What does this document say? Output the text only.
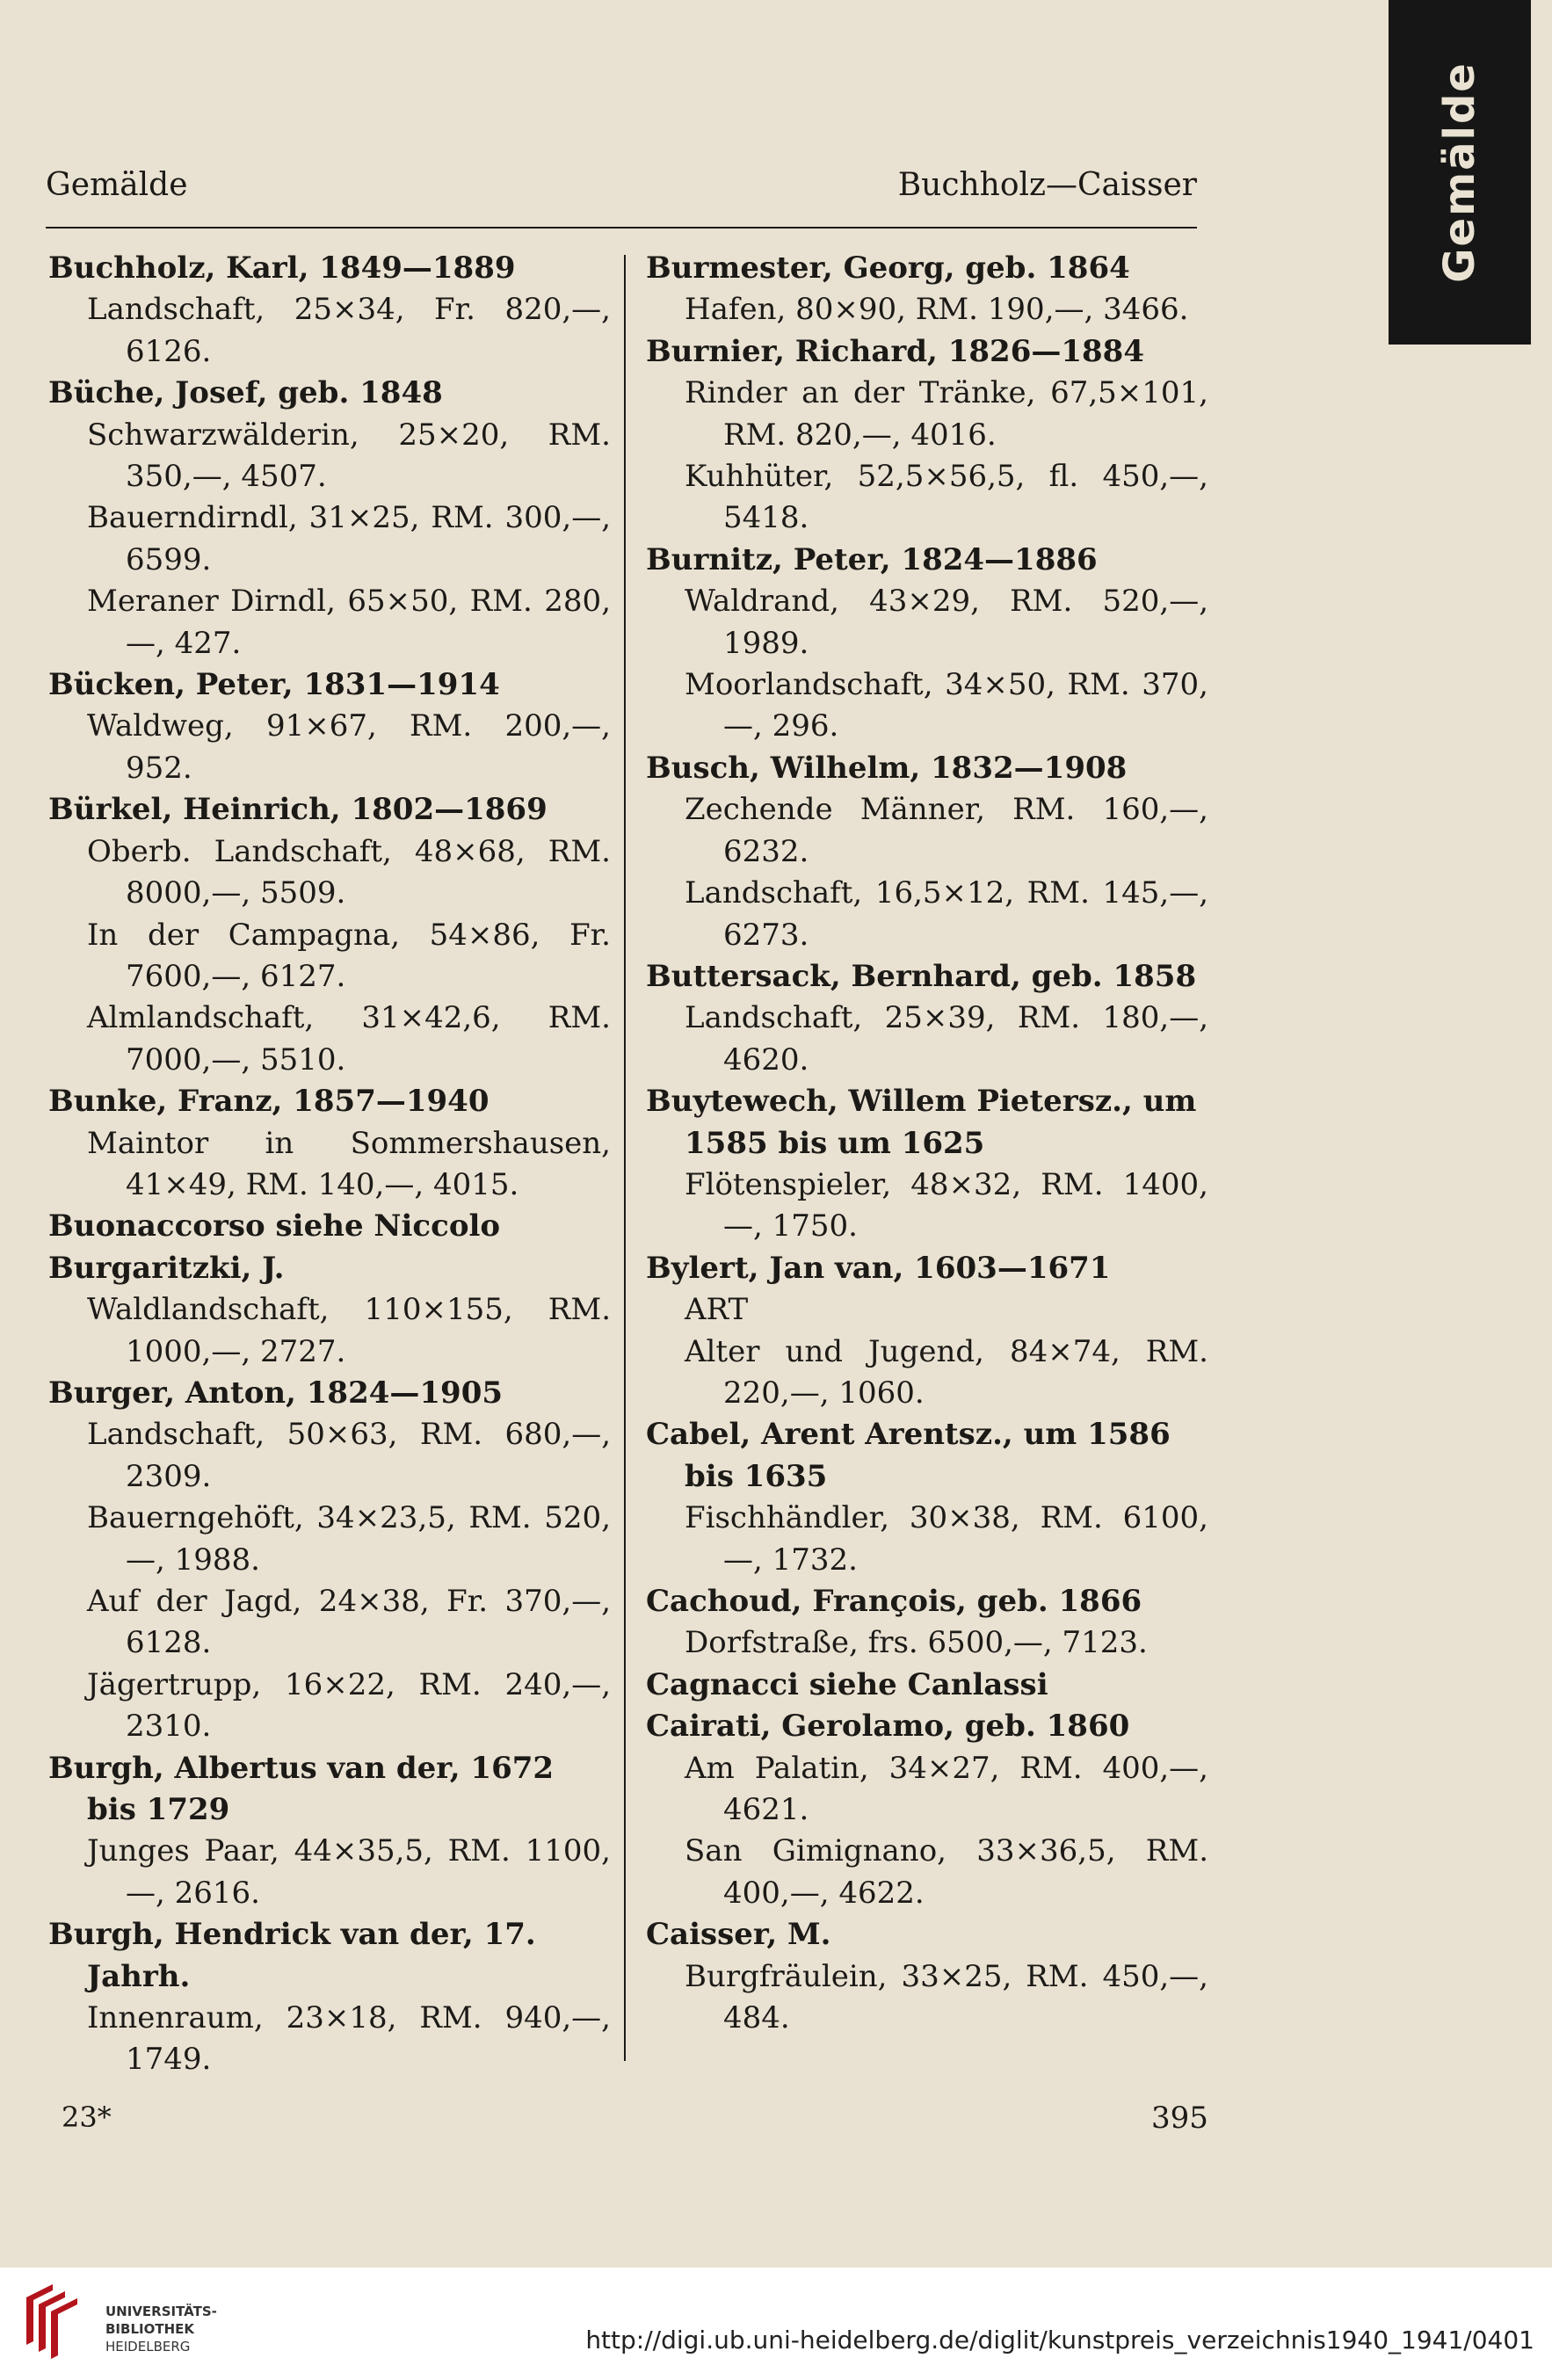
Gemälde
Gemälde	Buchholz—Caisser
Buchholz, Karl, 1849—1889
Landschaft, 25×34, Fr. 820,—, 6126.
Büche, Josef, geb. 1848
Schwarzwälderin, 25×20, RM. 350,—, 4507.
Bauerndirndl, 31×25, RM. 300,—, 6599.
Meraner Dirndl, 65×50, RM. 280,—, 427.
Bücken, Peter, 1831—1914
Waldweg, 91×67, RM. 200,—, 952.
Bürkel, Heinrich, 1802—1869
Oberb. Landschaft, 48×68, RM. 8000,—, 5509.
In der Campagna, 54×86, Fr. 7600,—, 6127.
Almlandschaft, 31×42,6, RM. 7000,—, 5510.
Bunke, Franz, 1857—1940
Maintor in Sommershausen, 41×49, RM. 140,—, 4015.
Buonaccorso siehe Niccolo
Burgaritzki, J.
Waldlandschaft, 110×155, RM. 1000,—, 2727.
Burger, Anton, 1824—1905
Landschaft, 50×63, RM. 680,—, 2309.
Bauerngehöft, 34×23,5, RM. 520,—, 1988.
Auf der Jagd, 24×38, Fr. 370,—, 6128.
Jägertrupp, 16×22, RM. 240,—, 2310.
Burgh, Albertus van der, 1672 bis 1729
Junges Paar, 44×35,5, RM. 1100,—, 2616.
Burgh, Hendrick van der, 17. Jahrh.
Innenraum, 23×18, RM. 940,—, 1749.
Burmester, Georg, geb. 1864
Hafen, 80×90, RM. 190,—, 3466.
Burnier, Richard, 1826—1884
Rinder an der Tränke, 67,5×101, RM. 820,—, 4016.
Kuhhüter, 52,5×56,5, fl. 450,—, 5418.
Burnitz, Peter, 1824—1886
Waldrand, 43×29, RM. 520,—, 1989.
Moorlandschaft, 34×50, RM. 370,—, 296.
Busch, Wilhelm, 1832—1908
Zechende Männer, RM. 160,—, 6232.
Landschaft, 16,5×12, RM. 145,—, 6273.
Buttersack, Bernhard, geb. 1858
Landschaft, 25×39, RM. 180,—, 4620.
Buytewech, Willem Pietersz., um 1585 bis um 1625
Flötenspieler, 48×32, RM. 1400,—, 1750.
Bylert, Jan van, 1603—1671
ART
Alter und Jugend, 84×74, RM. 220,—, 1060.
Cabel, Arent Arentsz., um 1586 bis 1635
Fischhändler, 30×38, RM. 6100,—, 1732.
Cachoud, François, geb. 1866
Dorfstraße, frs. 6500,—, 7123.
Cagnacci siehe Canlassi
Cairati, Gerolamo, geb. 1860
Am Palatin, 34×27, RM. 400,—, 4621.
San Gimignano, 33×36,5, RM. 400,—, 4622.
Caisser, M.
Burgfräulein, 33×25, RM. 450,—, 484.
23*	395
UNIVERSITÄTS-
BIBLIOTHEK
HEIDELBERG	http://digi.ub.uni-heidelberg.de/diglit/kunstpreis_verzeichnis1940_1941/0401
